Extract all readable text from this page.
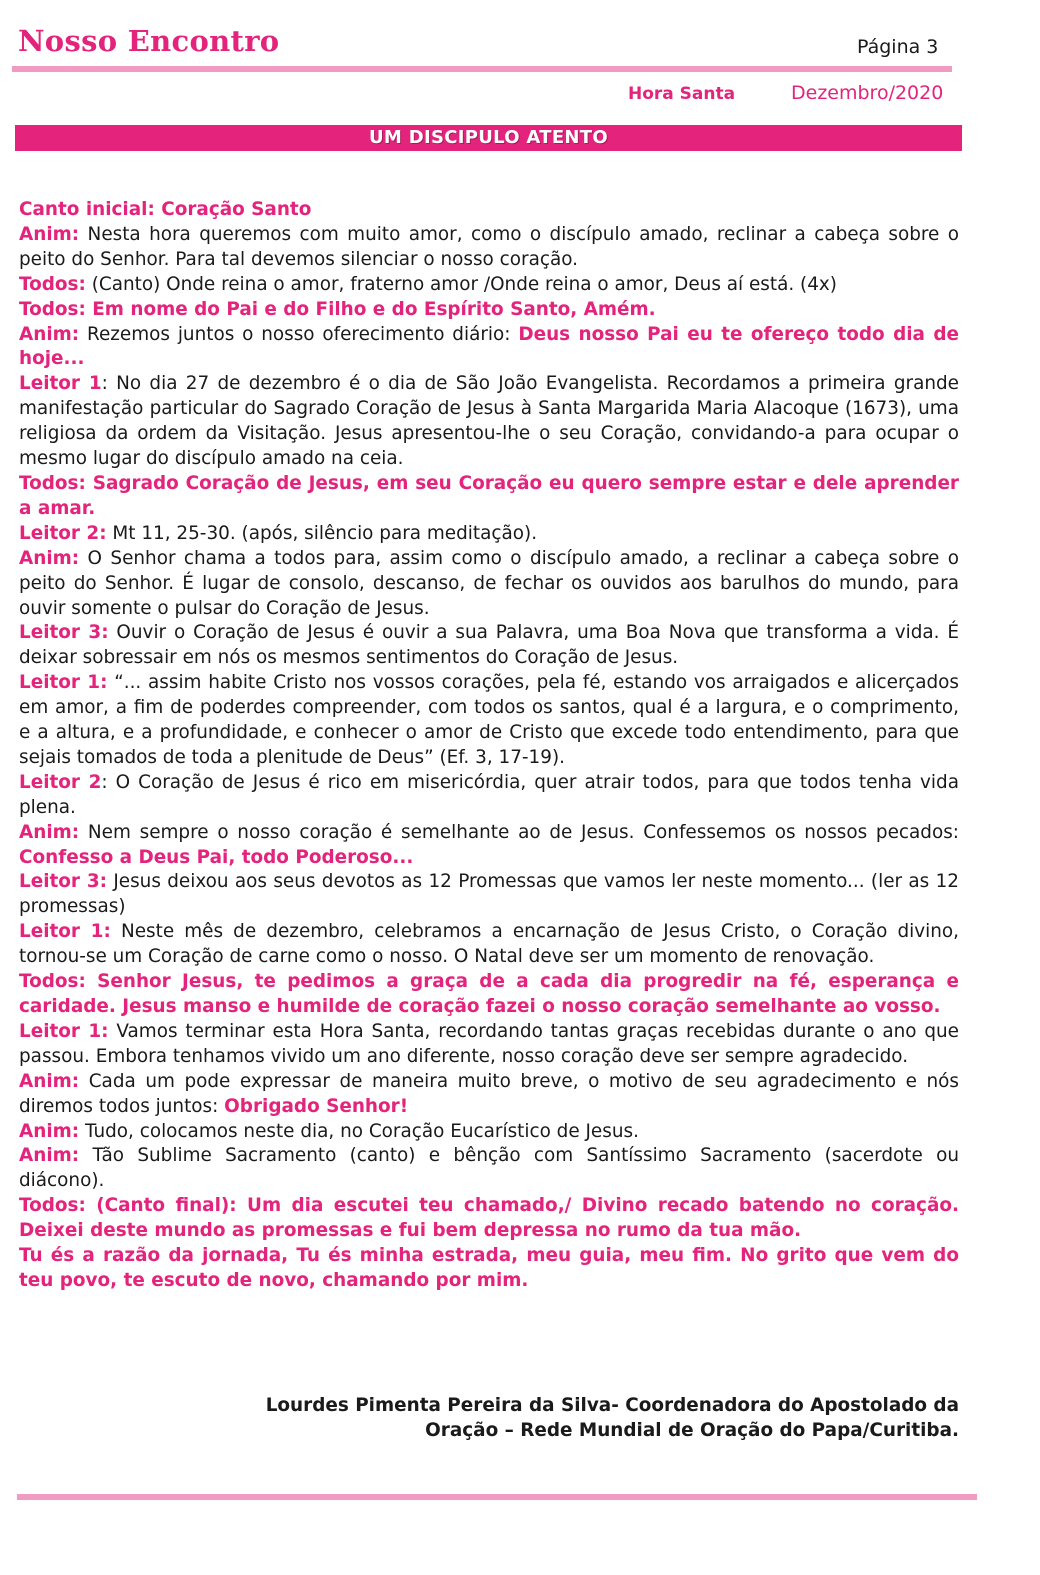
Nosso Encontro	Página 3
Hora Santa	Dezembro/2020
UM DISCIPULO ATENTO

Canto inicial: Coração Santo

Anim: Nesta hora queremos com muito amor, como o discípulo amado, reclinar a cabeça sobre o peito do Senhor. Para tal devemos silenciar o nosso coração.

Todos: (Canto) Onde reina o amor, fraterno amor /Onde reina o amor, Deus aí está. (4x)

Todos: Em nome do Pai e do Filho e do Espírito Santo, Amém.

Anim: Rezemos juntos o nosso oferecimento diário: Deus nosso Pai eu te ofereço todo dia de hoje...

Leitor 1: No dia 27 de dezembro é o dia de São João Evangelista. Recordamos a primeira grande manifestação particular do Sagrado Coração de Jesus à Santa Margarida Maria Alacoque (1673), uma religiosa da ordem da Visitação. Jesus apresentou-lhe o seu Coração, convidando-a para ocupar o mesmo lugar do discípulo amado na ceia.

Todos: Sagrado Coração de Jesus, em seu Coração eu quero sempre estar e dele aprender a amar.

Leitor 2: Mt 11, 25-30. (após, silêncio para meditação).

Anim: O Senhor chama a todos para, assim como o discípulo amado, a reclinar a cabeça sobre o peito do Senhor. É lugar de consolo, descanso, de fechar os ouvidos aos barulhos do mundo, para ouvir somente o pulsar do Coração de Jesus.

Leitor 3: Ouvir o Coração de Jesus é ouvir a sua Palavra, uma Boa Nova que transforma a vida. É deixar sobressair em nós os mesmos sentimentos do Coração de Jesus.

Leitor 1: “... assim habite Cristo nos vossos corações, pela fé, estando vos arraigados e alicerçados em amor, a fim de poderdes compreender, com todos os santos, qual é a largura, e o comprimento, e a altura, e a profundidade, e conhecer o amor de Cristo que excede todo entendimento, para que sejais tomados de toda a plenitude de Deus” (Ef. 3, 17-19).

Leitor 2: O Coração de Jesus é rico em misericórdia, quer atrair todos, para que todos tenha vida plena.

Anim: Nem sempre o nosso coração é semelhante ao de Jesus. Confessemos os nossos pecados: Confesso a Deus Pai, todo Poderoso...

Leitor 3: Jesus deixou aos seus devotos as 12 Promessas que vamos ler neste momento... (ler as 12 promessas)

Leitor 1: Neste mês de dezembro, celebramos a encarnação de Jesus Cristo, o Coração divino, tornou-se um Coração de carne como o nosso. O Natal deve ser um momento de renovação.

Todos: Senhor Jesus, te pedimos a graça de a cada dia progredir na fé, esperança e caridade. Jesus manso e humilde de coração fazei o nosso coração semelhante ao vosso.

Leitor 1: Vamos terminar esta Hora Santa, recordando tantas graças recebidas durante o ano que passou. Embora tenhamos vivido um ano diferente, nosso coração deve ser sempre agradecido.

Anim: Cada um pode expressar de maneira muito breve, o motivo de seu agradecimento e nós diremos todos juntos: Obrigado Senhor!

Anim: Tudo, colocamos neste dia, no Coração Eucarístico de Jesus.

Anim: Tão Sublime Sacramento (canto) e bênção com Santíssimo Sacramento (sacerdote ou diácono).

Todos: (Canto final): Um dia escutei teu chamado,/ Divino recado batendo no coração. Deixei deste mundo as promessas e fui bem depressa no rumo da tua mão.

Tu és a razão da jornada, Tu és minha estrada, meu guia, meu fim. No grito que vem do teu povo, te escuto de novo, chamando por mim.

Lourdes Pimenta Pereira da Silva- Coordenadora do Apostolado da
Oração – Rede Mundial de Oração do Papa/Curitiba.
